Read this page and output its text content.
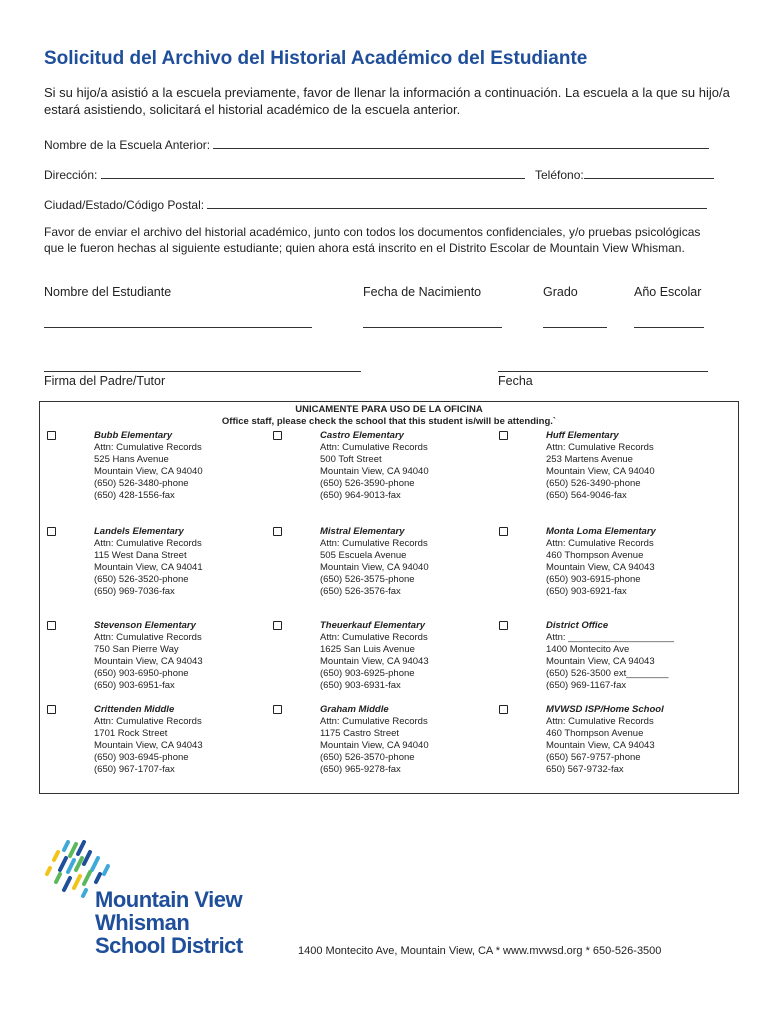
Solicitud del Archivo del Historial Académico del Estudiante
Si su hijo/a asistió a la escuela previamente, favor de llenar la información a continuación. La escuela a la que su hijo/a estará asistiendo, solicitará el historial académico de la escuela anterior.
Nombre de la Escuela Anterior:
Dirección:	Teléfono:
Ciudad/Estado/Código Postal:
Favor de enviar el archivo del historial académico, junto con todos los documentos confidenciales, y/o pruebas psicológicas que le fueron hechas al siguiente estudiante; quien ahora está inscrito en el Distrito Escolar de Mountain View Whisman.
Nombre del Estudiante	Fecha de Nacimiento	Grado	Año Escolar
Firma del Padre/Tutor	Fecha
UNICAMENTE PARA USO DE LA OFICINA
Office staff, please check the school that this student is/will be attending.`
Bubb Elementary
Attn: Cumulative Records
525 Hans Avenue
Mountain View, CA 94040
(650) 526-3480-phone
(650) 428-1556-fax
Castro Elementary
Attn: Cumulative Records
500 Toft Street
Mountain View, CA 94040
(650) 526-3590-phone
(650) 964-9013-fax
Huff Elementary
Attn: Cumulative Records
253 Martens Avenue
Mountain View, CA 94040
(650) 526-3490-phone
(650) 564-9046-fax
Landels Elementary
Attn: Cumulative Records
115 West Dana Street
Mountain View, CA 94041
(650) 526-3520-phone
(650) 969-7036-fax
Mistral Elementary
Attn: Cumulative Records
505 Escuela Avenue
Mountain View, CA 94040
(650) 526-3575-phone
(650) 526-3576-fax
Monta Loma Elementary
Attn: Cumulative Records
460 Thompson Avenue
Mountain View, CA 94043
(650) 903-6915-phone
(650) 903-6921-fax
Stevenson Elementary
Attn: Cumulative Records
750 San Pierre Way
Mountain View, CA 94043
(650) 903-6950-phone
(650) 903-6951-fax
Theuerkauf Elementary
Attn: Cumulative Records
1625 San Luis Avenue
Mountain View, CA 94043
(650) 903-6925-phone
(650) 903-6931-fax
District Office
Attn: ____________________
1400 Montecito Ave
Mountain View, CA 94043
(650) 526-3500 ext________
(650) 969-1167-fax
Crittenden Middle
Attn: Cumulative Records
1701 Rock Street
Mountain View, CA 94043
(650) 903-6945-phone
(650) 967-1707-fax
Graham Middle
Attn: Cumulative Records
1175 Castro Street
Mountain View, CA 94040
(650) 526-3570-phone
(650) 965-9278-fax
MVWSD ISP/Home School
Attn: Cumulative Records
460 Thompson Avenue
Mountain View, CA 94043
(650) 567-9757-phone
650) 567-9732-fax
Mountain View
Whisman
School District	1400 Montecito Ave, Mountain View, CA * www.mvwsd.org * 650-526-3500
